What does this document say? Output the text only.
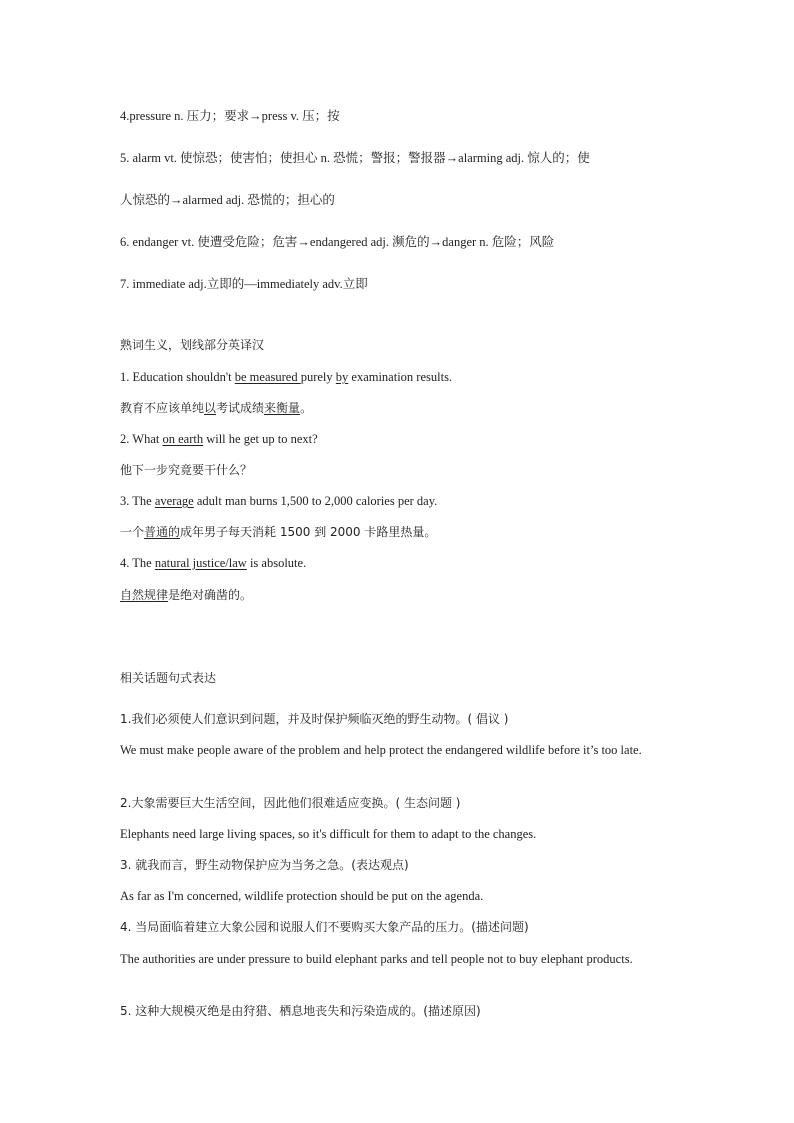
4.pressure n. 压力；要求→press v. 压；按
5. alarm vt. 使惊恐；使害怕；使担心 n. 恐慌；警报；警报器→alarming adj. 惊人的；使
人惊恐的→alarmed adj. 恐慌的；担心的
6. endanger vt. 使遭受危险；危害→endangered adj. 濒危的→danger n. 危险；风险
7. immediate adj.立即的—immediately adv.立即
熟词生义，划线部分英译汉
1. Education shouldn't be measured purely by examination results.
教育不应该单纯以考试成绩来衡量。
2. What on earth will he get up to next?
他下一步究竟要干什么？
3. The average adult man burns 1,500 to 2,000 calories per day.
一个普通的成年男子每天消耗 1500 到 2000 卡路里热量。
4. The natural justice/law is absolute.
自然规律是绝对确凿的。
相关话题句式表达
1.我们必须使人们意识到问题，并及时保护频临灭绝的野生动物。( 倡议 )
We must make people aware of the problem and help protect the endangered wildlife before it’s too late.
2.大象需要巨大生活空间，因此他们很难适应变换。( 生态问题 )
Elephants need large living spaces, so it's difficult for them to adapt to the changes.
3. 就我而言，野生动物保护应为当务之急。(表达观点)
As far as I'm concerned, wildlife protection should be put on the agenda.
4. 当局面临着建立大象公园和说服人们不要购买大象产品的压力。(描述问题)
The authorities are under pressure to build elephant parks and tell people not to buy elephant products.
5. 这种大规模灭绝是由狩猎、栖息地丧失和污染造成的。(描述原因)
